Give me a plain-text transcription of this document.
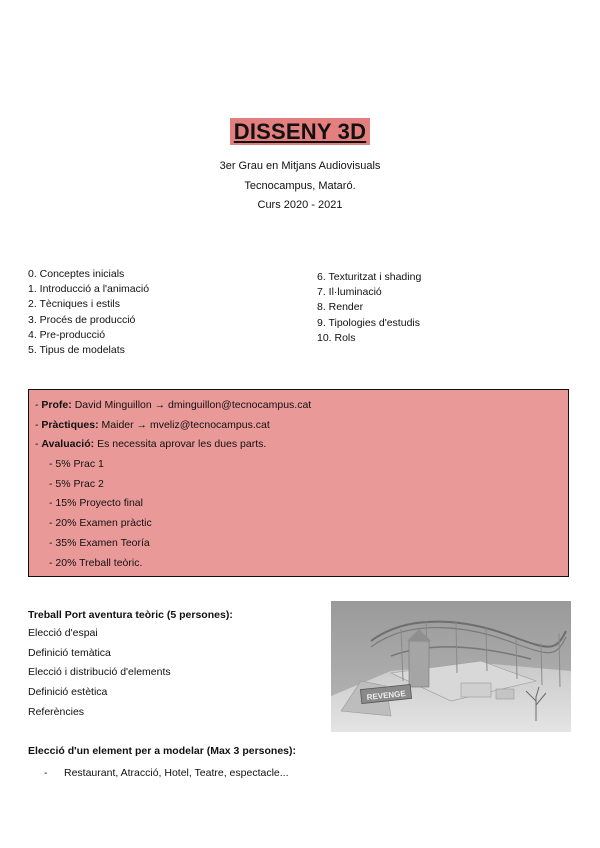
DISSENY 3D
3er Grau en Mitjans Audiovisuals
Tecnocampus, Mataró.
Curs 2020 - 2021
0. Conceptes inicials
1. Introducció a l'animació
2. Tècniques i estils
3. Procés de producció
4. Pre-producció
5. Tipus de modelats
6. Texturitzat i shading
7. Il·luminació
8. Render
9. Tipologies d'estudis
10. Rols
- Profe: David Minguillon → dminguillon@tecnocampus.cat
- Pràctiques: Maider → mveliz@tecnocampus.cat
- Avaluació: Es necessita aprovar les dues parts.
- 5% Prac 1
- 5% Prac 2
- 15% Proyecto final
- 20% Examen pràctic
- 35% Examen Teoría
- 20% Treball teòric.
Treball Port aventura teòric (5 persones):
Elecció d'espai
Definició temàtica
Elecció i distribució d'elements
Definició estètica
Referències
REVENGE
Elecció d'un element per a modelar (Max 3 persones):
- Restaurant, Atracció, Hotel, Teatre, espectacle...
